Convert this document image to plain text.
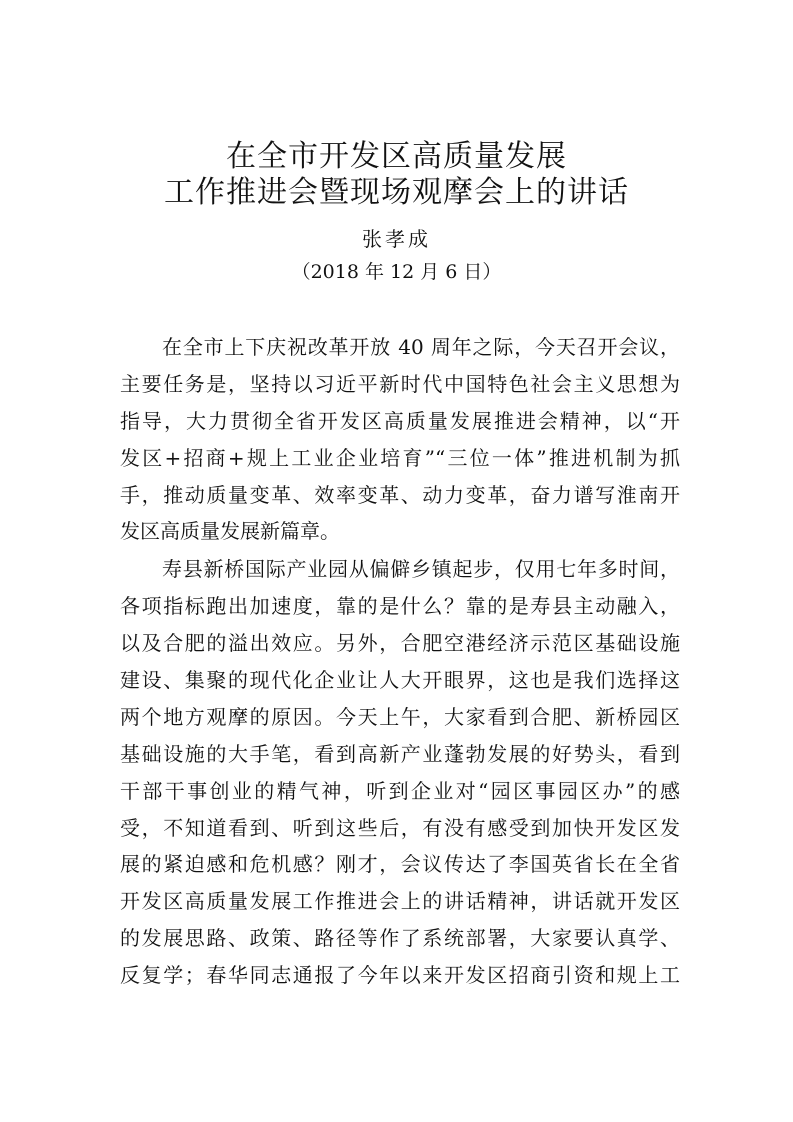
在全市开发区高质量发展
工作推进会暨现场观摩会上的讲话
张孝成
（2018 年 12 月 6 日）
在全市上下庆祝改革开放 40 周年之际，今天召开会议，
主要任务是，坚持以习近平新时代中国特色社会主义思想为
指导，大力贯彻全省开发区高质量发展推进会精神，以“开
发区+招商+规上工业企业培育”“三位一体”推进机制为抓
手，推动质量变革、效率变革、动力变革，奋力谱写淮南开
发区高质量发展新篇章。
寿县新桥国际产业园从偏僻乡镇起步，仅用七年多时间，
各项指标跑出加速度，靠的是什么？靠的是寿县主动融入，
以及合肥的溢出效应。另外，合肥空港经济示范区基础设施
建设、集聚的现代化企业让人大开眼界，这也是我们选择这
两个地方观摩的原因。今天上午，大家看到合肥、新桥园区
基础设施的大手笔，看到高新产业蓬勃发展的好势头，看到
干部干事创业的精气神，听到企业对“园区事园区办”的感
受，不知道看到、听到这些后，有没有感受到加快开发区发
展的紧迫感和危机感？刚才，会议传达了李国英省长在全省
开发区高质量发展工作推进会上的讲话精神，讲话就开发区
的发展思路、政策、路径等作了系统部署，大家要认真学、
反复学；春华同志通报了今年以来开发区招商引资和规上工
